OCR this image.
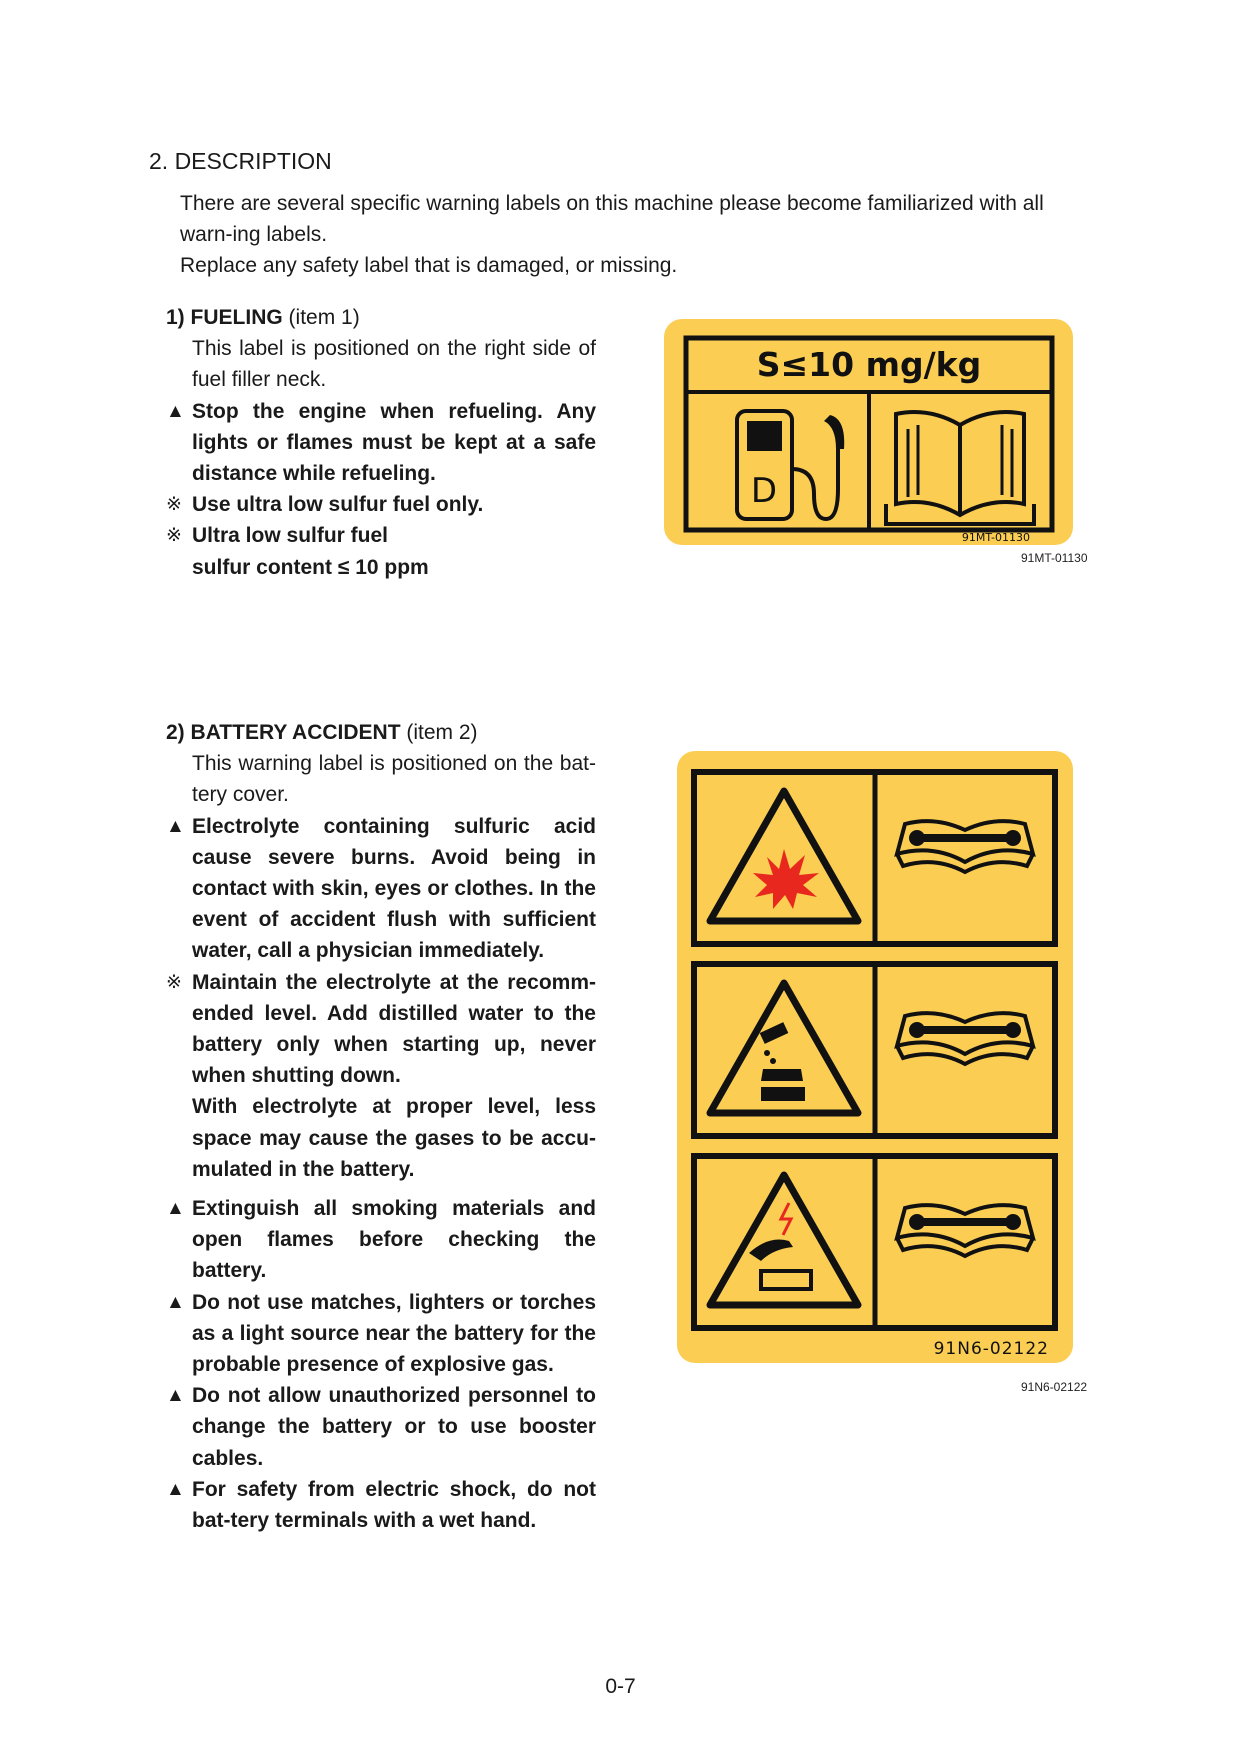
2. DESCRIPTION

There are several specific warning labels on this machine please become familiarized with all warn-ing labels.

Replace any safety label that is damaged, or missing.

1) FUELING (item 1)
This label is positioned on the right side of fuel filler neck.
▲ Stop the engine when refueling. Any lights or flames must be kept at a safe distance while refueling.
※ Use ultra low sulfur fuel only.
※ Ultra low sulfur fuel
sulfur content ≤ 10 ppm
S≤10 mg/kg
D
91MT-01130
91MT-01130
2) BATTERY ACCIDENT (item 2)
This warning label is positioned on the bat-tery cover.
▲ Electrolyte containing sulfuric acid cause severe burns. Avoid being in contact with skin, eyes or clothes. In the event of accident flush with sufficient water, call a physician immediately.
※ Maintain the electrolyte at the recomm-ended level. Add distilled water to the battery only when starting up, never when shutting down.
With electrolyte at proper level, less space may cause the gases to be accu-mulated in the battery.
▲ Extinguish all smoking materials and open flames before checking the battery.
▲ Do not use matches, lighters or torches as a light source near the battery for the probable presence of explosive gas.
▲ Do not allow unauthorized personnel to change the battery or to use booster cables.
▲ For safety from electric shock, do not bat-tery terminals with a wet hand.
91N6-02122
91N6-02122
0-7
